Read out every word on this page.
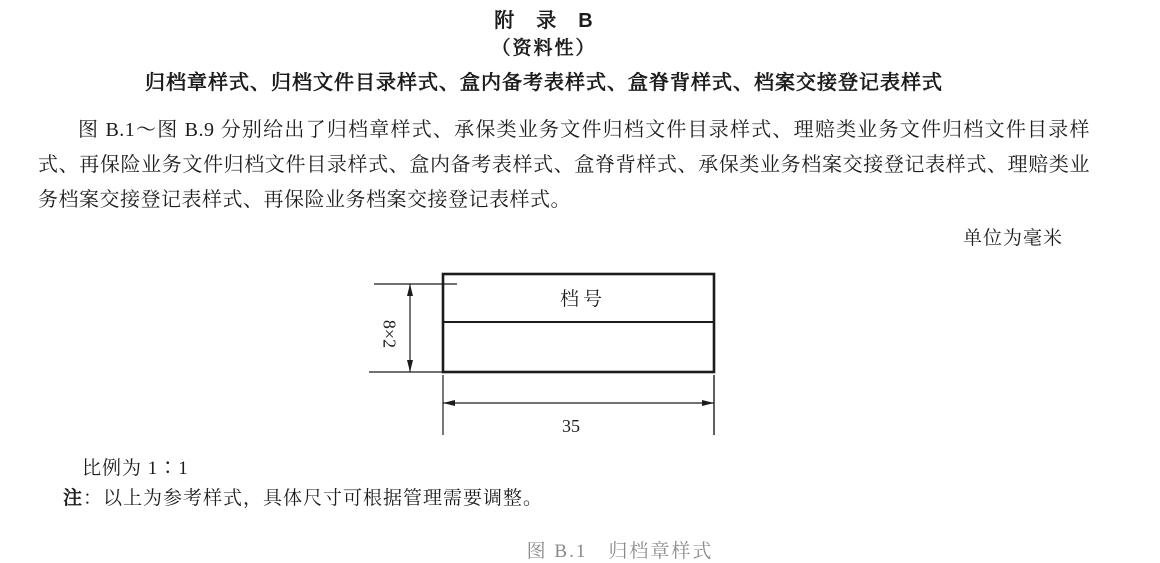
附　录　B
（资料性）
归档章样式、归档文件目录样式、盒内备考表样式、盒脊背样式、档案交接登记表样式
图 B.1～图 B.9 分别给出了归档章样式、承保类业务文件归档文件目录样式、理赔类业务文件归档文件目录样式、再保险业务文件归档文件目录样式、盒内备考表样式、盒脊背样式、承保类业务档案交接登记表样式、理赔类业务档案交接登记表样式、再保险业务档案交接登记表样式。
单位为毫米
档号
8×2
35
比例为 1∶1
注：以上为参考样式，具体尺寸可根据管理需要调整。
图 B.1　归档章样式
